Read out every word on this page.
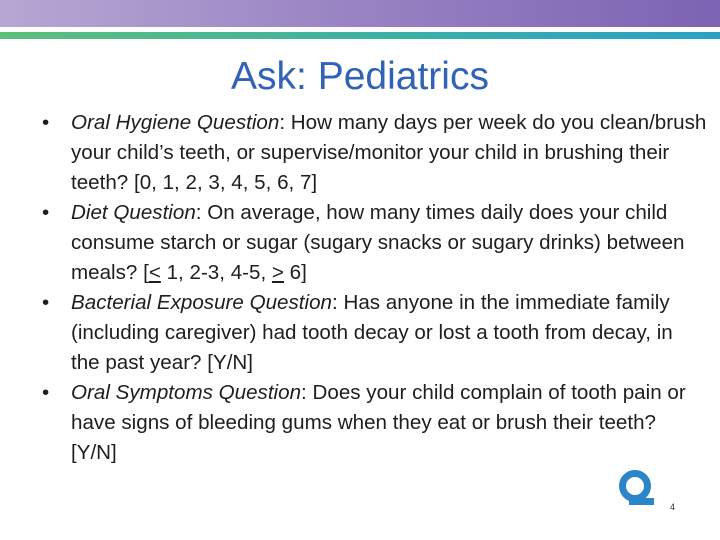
Ask: Pediatrics
• Oral Hygiene Question: How many days per week do you clean/brush your child’s teeth, or supervise/monitor your child in brushing their teeth? [0, 1, 2, 3, 4, 5, 6, 7]
• Diet Question: On average, how many times daily does your child consume starch or sugar (sugary snacks or sugary drinks) between meals? [< 1, 2-3, 4-5, > 6]
• Bacterial Exposure Question: Has anyone in the immediate family (including caregiver) had tooth decay or lost a tooth from decay, in the past year? [Y/N]
• Oral Symptoms Question: Does your child complain of tooth pain or have signs of bleeding gums when they eat or brush their teeth? [Y/N]
4
